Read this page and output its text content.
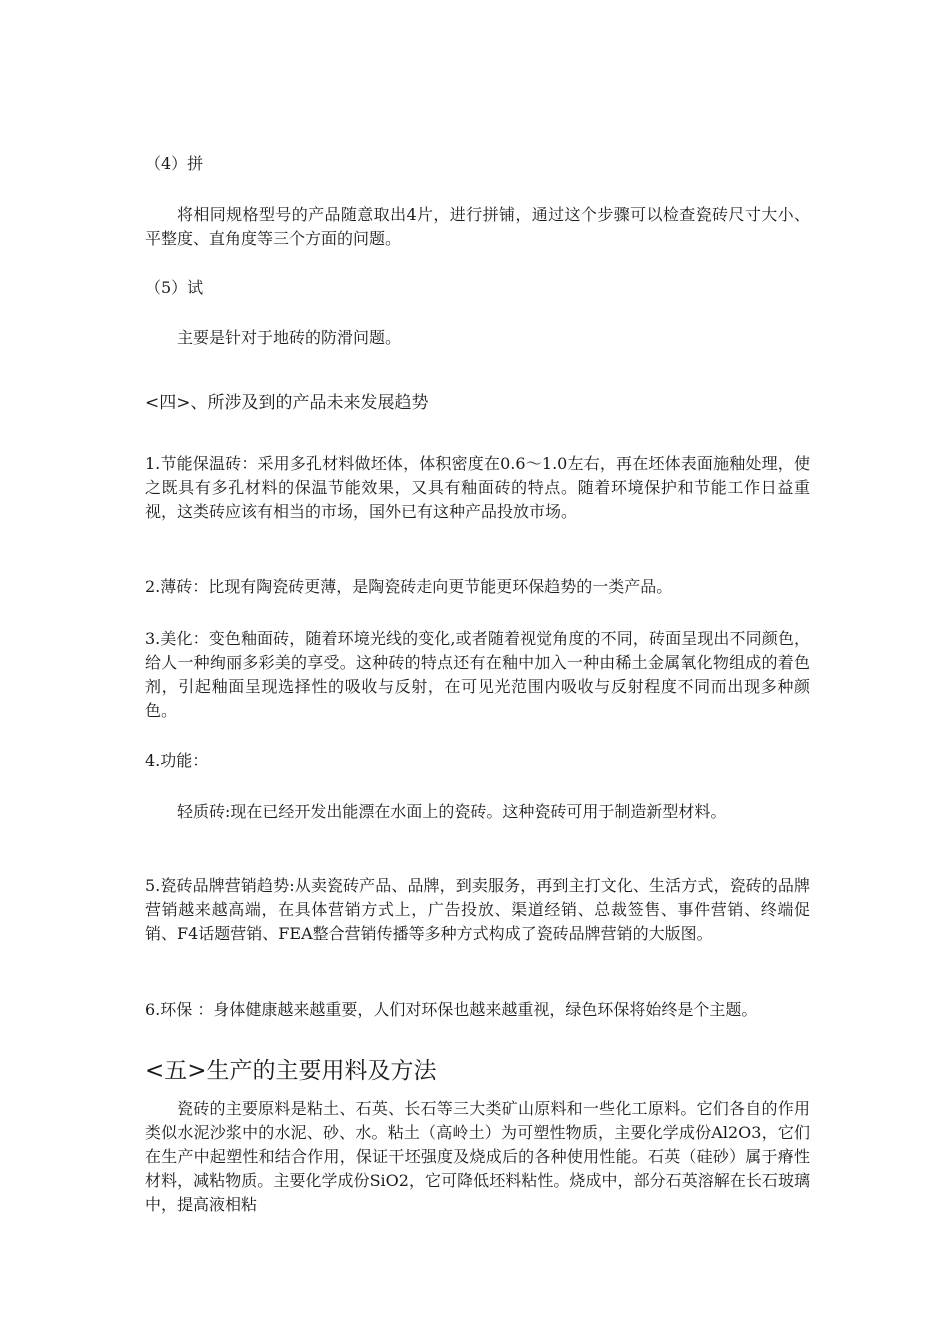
（4）拼

将相同规格型号的产品随意取出4片，进行拼铺，通过这个步骤可以检查瓷砖尺寸大小、平整度、直角度等三个方面的问题。

（5）试

主要是针对于地砖的防滑问题。

<四>、所涉及到的产品未来发展趋势

1.节能保温砖：采用多孔材料做坯体，体积密度在0.6～1.0左右，再在坯体表面施釉处理，使之既具有多孔材料的保温节能效果，又具有釉面砖的特点。随着环境保护和节能工作日益重视，这类砖应该有相当的市场，国外已有这种产品投放市场。

2.薄砖：比现有陶瓷砖更薄，是陶瓷砖走向更节能更环保趋势的一类产品。

3.美化：变色釉面砖，随着环境光线的变化,或者随着视觉角度的不同，砖面呈现出不同颜色，给人一种绚丽多彩美的享受。这种砖的特点还有在釉中加入一种由稀土金属氧化物组成的着色剂，引起釉面呈现选择性的吸收与反射，在可见光范围内吸收与反射程度不同而出现多种颜色。

4.功能：

轻质砖:现在已经开发出能漂在水面上的瓷砖。这种瓷砖可用于制造新型材料。

5.瓷砖品牌营销趋势:从卖瓷砖产品、品牌，到卖服务，再到主打文化、生活方式，瓷砖的品牌营销越来越高端，在具体营销方式上，广告投放、渠道经销、总裁签售、事件营销、终端促销、F4话题营销、FEA整合营销传播等多种方式构成了瓷砖品牌营销的大版图。

6.环保 ：身体健康越来越重要，人们对环保也越来越重视，绿色环保将始终是个主题。

<五>生产的主要用料及方法

瓷砖的主要原料是粘土、石英、长石等三大类矿山原料和一些化工原料。它们各自的作用类似水泥沙浆中的水泥、砂、水。粘土（高岭土）为可塑性物质，主要化学成份Al2O3，它们在生产中起塑性和结合作用，保证干坯强度及烧成后的各种使用性能。石英（硅砂）属于瘠性材料，减粘物质。主要化学成份SiO2，它可降低坯料粘性。烧成中，部分石英溶解在长石玻璃中，提高液相粘
